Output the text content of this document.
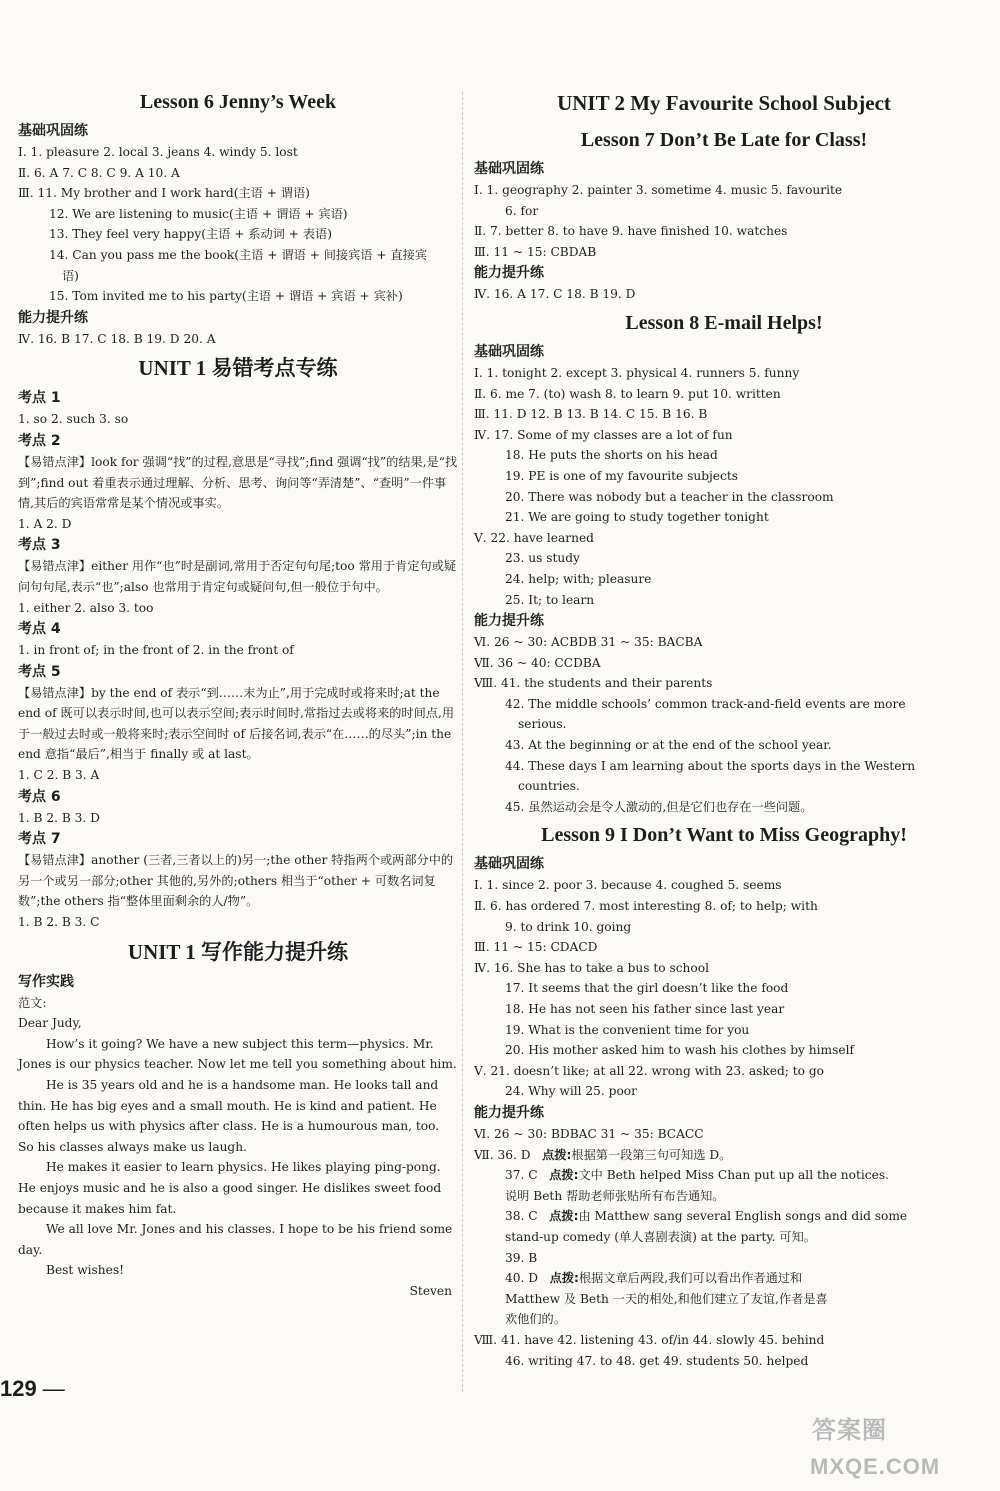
Lesson 6 Jenny’s Week
基础巩固练
Ⅰ. 1. pleasure 2. local 3. jeans 4. windy 5. lost
Ⅱ. 6. A 7. C 8. C 9. A 10. A
Ⅲ. 11. My brother and I work hard(主语 + 谓语)
12. We are listening to music(主语 + 谓语 + 宾语)
13. They feel very happy(主语 + 系动词 + 表语)
14. Can you pass me the book(主语 + 谓语 + 间接宾语 + 直接宾
语)
15. Tom invited me to his party(主语 + 谓语 + 宾语 + 宾补)
能力提升练
Ⅳ. 16. B 17. C 18. B 19. D 20. A
UNIT 1 易错考点专练
考点 1
1. so 2. such 3. so
考点 2
【易错点津】look for 强调“找”的过程,意思是“寻找”;find 强调“找”的结果,是“找到”;find out 着重表示通过理解、分析、思考、询问等“弄清楚”、“查明”一件事情,其后的宾语常常是某个情况或事实。
1. A 2. D
考点 3
【易错点津】either 用作“也”时是副词,常用于否定句句尾;too 常用于肯定句或疑问句句尾,表示“也”;also 也常用于肯定句或疑问句,但一般位于句中。
1. either 2. also 3. too
考点 4
1. in front of; in the front of 2. in the front of
考点 5
【易错点津】by the end of 表示“到……末为止”,用于完成时或将来时;at the end of 既可以表示时间,也可以表示空间;表示时间时,常指过去或将来的时间点,用于一般过去时或一般将来时;表示空间时 of 后接名词,表示“在……的尽头”;in the end 意指“最后”,相当于 finally 或 at last。
1. C 2. B 3. A
考点 6
1. B 2. B 3. D
考点 7
【易错点津】another (三者,三者以上的)另一;the other 特指两个或两部分中的另一个或另一部分;other 其他的,另外的;others 相当于“other + 可数名词复数”;the others 指“整体里面剩余的人/物”。
1. B 2. B 3. C
UNIT 1 写作能力提升练
写作实践
范文:
Dear Judy,
How’s it going? We have a new subject this term—physics. Mr. Jones is our physics teacher. Now let me tell you something about him.
He is 35 years old and he is a handsome man. He looks tall and thin. He has big eyes and a small mouth. He is kind and patient. He often helps us with physics after class. He is a humourous man, too. So his classes always make us laugh.
He makes it easier to learn physics. He likes playing ping-pong. He enjoys music and he is also a good singer. He dislikes sweet food because it makes him fat.
We all love Mr. Jones and his classes. I hope to be his friend some day.
Best wishes!
Steven
129 —
UNIT 2 My Favourite School Subject
Lesson 7 Don’t Be Late for Class!
基础巩固练
Ⅰ. 1. geography 2. painter 3. sometime 4. music 5. favourite
6. for
Ⅱ. 7. better 8. to have 9. have finished 10. watches
Ⅲ. 11 ~ 15: CBDAB
能力提升练
Ⅳ. 16. A 17. C 18. B 19. D
Lesson 8 E-mail Helps!
基础巩固练
Ⅰ. 1. tonight 2. except 3. physical 4. runners 5. funny
Ⅱ. 6. me 7. (to) wash 8. to learn 9. put 10. written
Ⅲ. 11. D 12. B 13. B 14. C 15. B 16. B
Ⅳ. 17. Some of my classes are a lot of fun
18. He puts the shorts on his head
19. PE is one of my favourite subjects
20. There was nobody but a teacher in the classroom
21. We are going to study together tonight
Ⅴ. 22. have learned
23. us study
24. help; with; pleasure
25. It; to learn
能力提升练
Ⅵ. 26 ~ 30: ACBDB 31 ~ 35: BACBA
Ⅶ. 36 ~ 40: CCDBA
Ⅷ. 41. the students and their parents
42. The middle schools’ common track-and-field events are more
serious.
43. At the beginning or at the end of the school year.
44. These days I am learning about the sports days in the Western
countries.
45. 虽然运动会是令人激动的,但是它们也存在一些问题。
Lesson 9 I Don’t Want to Miss Geography!
基础巩固练
Ⅰ. 1. since 2. poor 3. because 4. coughed 5. seems
Ⅱ. 6. has ordered 7. most interesting 8. of; to help; with
9. to drink 10. going
Ⅲ. 11 ~ 15: CDACD
Ⅳ. 16. She has to take a bus to school
17. It seems that the girl doesn’t like the food
18. He has not seen his father since last year
19. What is the convenient time for you
20. His mother asked him to wash his clothes by himself
Ⅴ. 21. doesn’t like; at all 22. wrong with 23. asked; to go
24. Why will 25. poor
能力提升练
Ⅵ. 26 ~ 30: BDBAC 31 ~ 35: BCACC
Ⅶ. 36. D 点拨:根据第一段第三句可知选 D。
37. C 点拨:文中 Beth helped Miss Chan put up all the notices.
说明 Beth 帮助老师张贴所有布告通知。
38. C 点拨:由 Matthew sang several English songs and did some
stand-up comedy (单人喜剧表演) at the party. 可知。
39. B
40. D 点拨:根据文章后两段,我们可以看出作者通过和
Matthew 及 Beth 一天的相处,和他们建立了友谊,作者是喜
欢他们的。
Ⅷ. 41. have 42. listening 43. of/in 44. slowly 45. behind
46. writing 47. to 48. get 49. students 50. helped
答案圈
MXQE.COM
